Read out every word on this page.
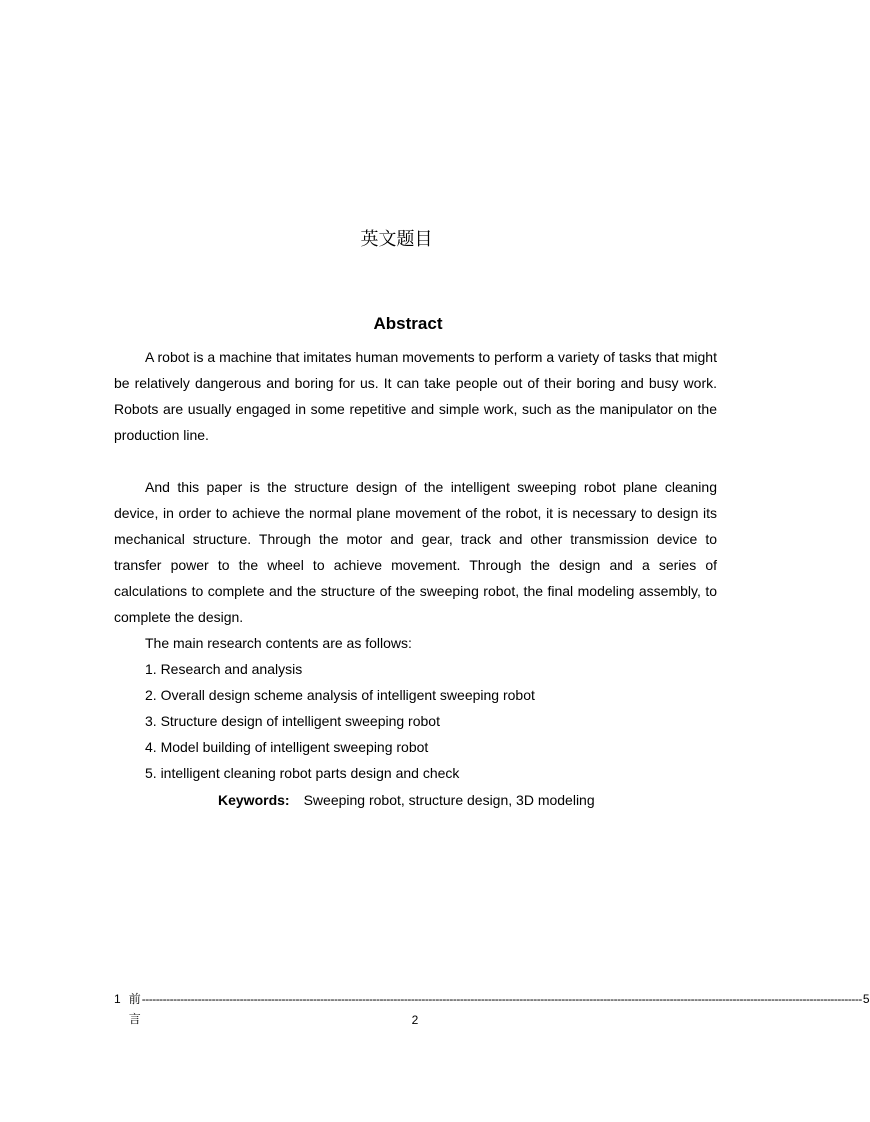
英文题目
Abstract

A robot is a machine that imitates human movements to perform a variety of tasks that might be relatively dangerous and boring for us. It can take people out of their boring and busy work. Robots are usually engaged in some repetitive and simple work, such as the manipulator on the production line.

And this paper is the structure design of the intelligent sweeping robot plane cleaning device, in order to achieve the normal plane movement of the robot, it is necessary to design its mechanical structure. Through the motor and gear, track and other transmission device to transfer power to the wheel to achieve movement. Through the design and a series of calculations to complete and the structure of the sweeping robot, the final modeling assembly, to complete the design.

The main research contents are as follows:
1. Research and analysis
2. Overall design scheme analysis of intelligent sweeping robot
3. Structure design of intelligent sweeping robot
4. Model building of intelligent sweeping robot
5. intelligent cleaning robot parts design and check
Keywords: Sweeping robot, structure design, 3D modeling
1 前言
-------------------------------------------------------------------------------------------------------------------------------------------------------------------------------------------------------------- 5
2
